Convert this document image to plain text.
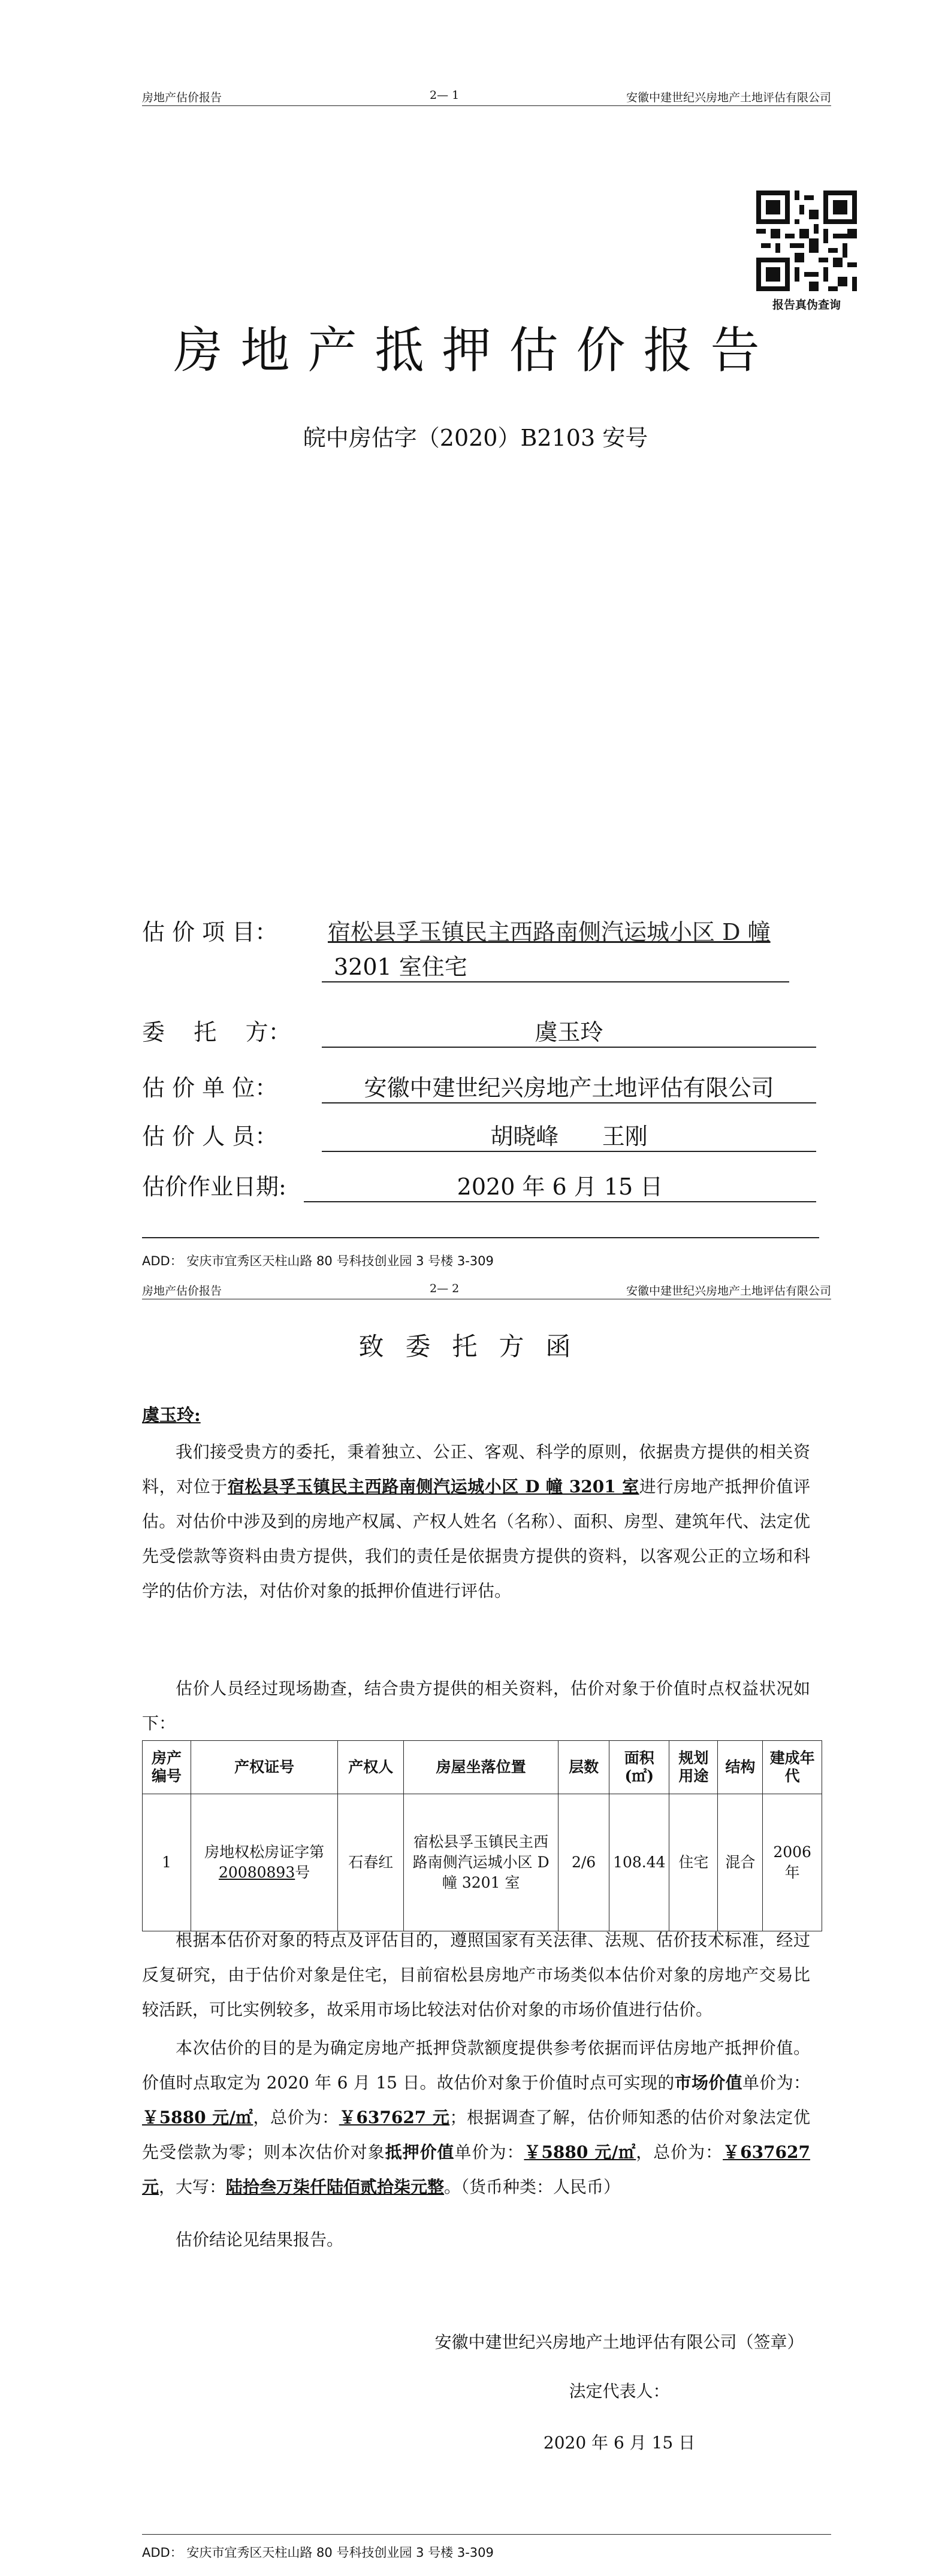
房地产估价报告	2— 1	安徽中建世纪兴房地产土地评估有限公司
报告真伪查询
房地产抵押估价报告
皖中房估字（2020）B2103 安号
估 价 项 目： 宿松县孚玉镇民主西路南侧汽运城小区 D 幢
3201 室住宅
委    托    方：	虞玉玲
估 价 单 位：	安徽中建世纪兴房地产土地评估有限公司
估 价 人 员：	胡晓峰      王刚
估价作业日期:	2020 年 6 月 15 日
ADD： 安庆市宜秀区天柱山路 80 号科技创业园 3 号楼 3-309
房地产估价报告	2— 2	安徽中建世纪兴房地产土地评估有限公司
致委托方函
虞玉玲:
我们接受贵方的委托，秉着独立、公正、客观、科学的原则，依据贵方提供的相关资料，对位于宿松县孚玉镇民主西路南侧汽运城小区 D 幢 3201 室进行房地产抵押价值评估。对估价中涉及到的房地产权属、产权人姓名（名称）、面积、房型、建筑年代、法定优先受偿款等资料由贵方提供，我们的责任是依据贵方提供的资料，以客观公正的立场和科学的估价方法，对估价对象的抵押价值进行评估。
估价人员经过现场勘查，结合贵方提供的相关资料，估价对象于价值时点权益状况如下：
房产编号	产权证号	产权人	房屋坐落位置	层数	面积(㎡)	规划用途	结构	建成年代
1	房地权松房证字第20080893号	石春红	宿松县孚玉镇民主西路南侧汽运城小区 D 幢 3201 室	2/6	108.44	住宅	混合	2006 年
根据本估价对象的特点及评估目的，遵照国家有关法律、法规、估价技术标准，经过反复研究，由于估价对象是住宅，目前宿松县房地产市场类似本估价对象的房地产交易比较活跃，可比实例较多，故采用市场比较法对估价对象的市场价值进行估价。
本次估价的目的是为确定房地产抵押贷款额度提供参考依据而评估房地产抵押价值。价值时点取定为 2020 年 6 月 15 日。故估价对象于价值时点可实现的市场价值单价为：￥5880 元/㎡，总价为：￥637627 元；根据调查了解，估价师知悉的估价对象法定优先受偿款为零；则本次估价对象抵押价值单价为：￥5880 元/㎡，总价为：￥637627 元，大写：陆拾叁万柒仟陆佰贰拾柒元整。（货币种类：人民币）
估价结论见结果报告。
安徽中建世纪兴房地产土地评估有限公司（签章）
法定代表人：
2020 年 6 月 15 日
ADD： 安庆市宜秀区天柱山路 80 号科技创业园 3 号楼 3-309
